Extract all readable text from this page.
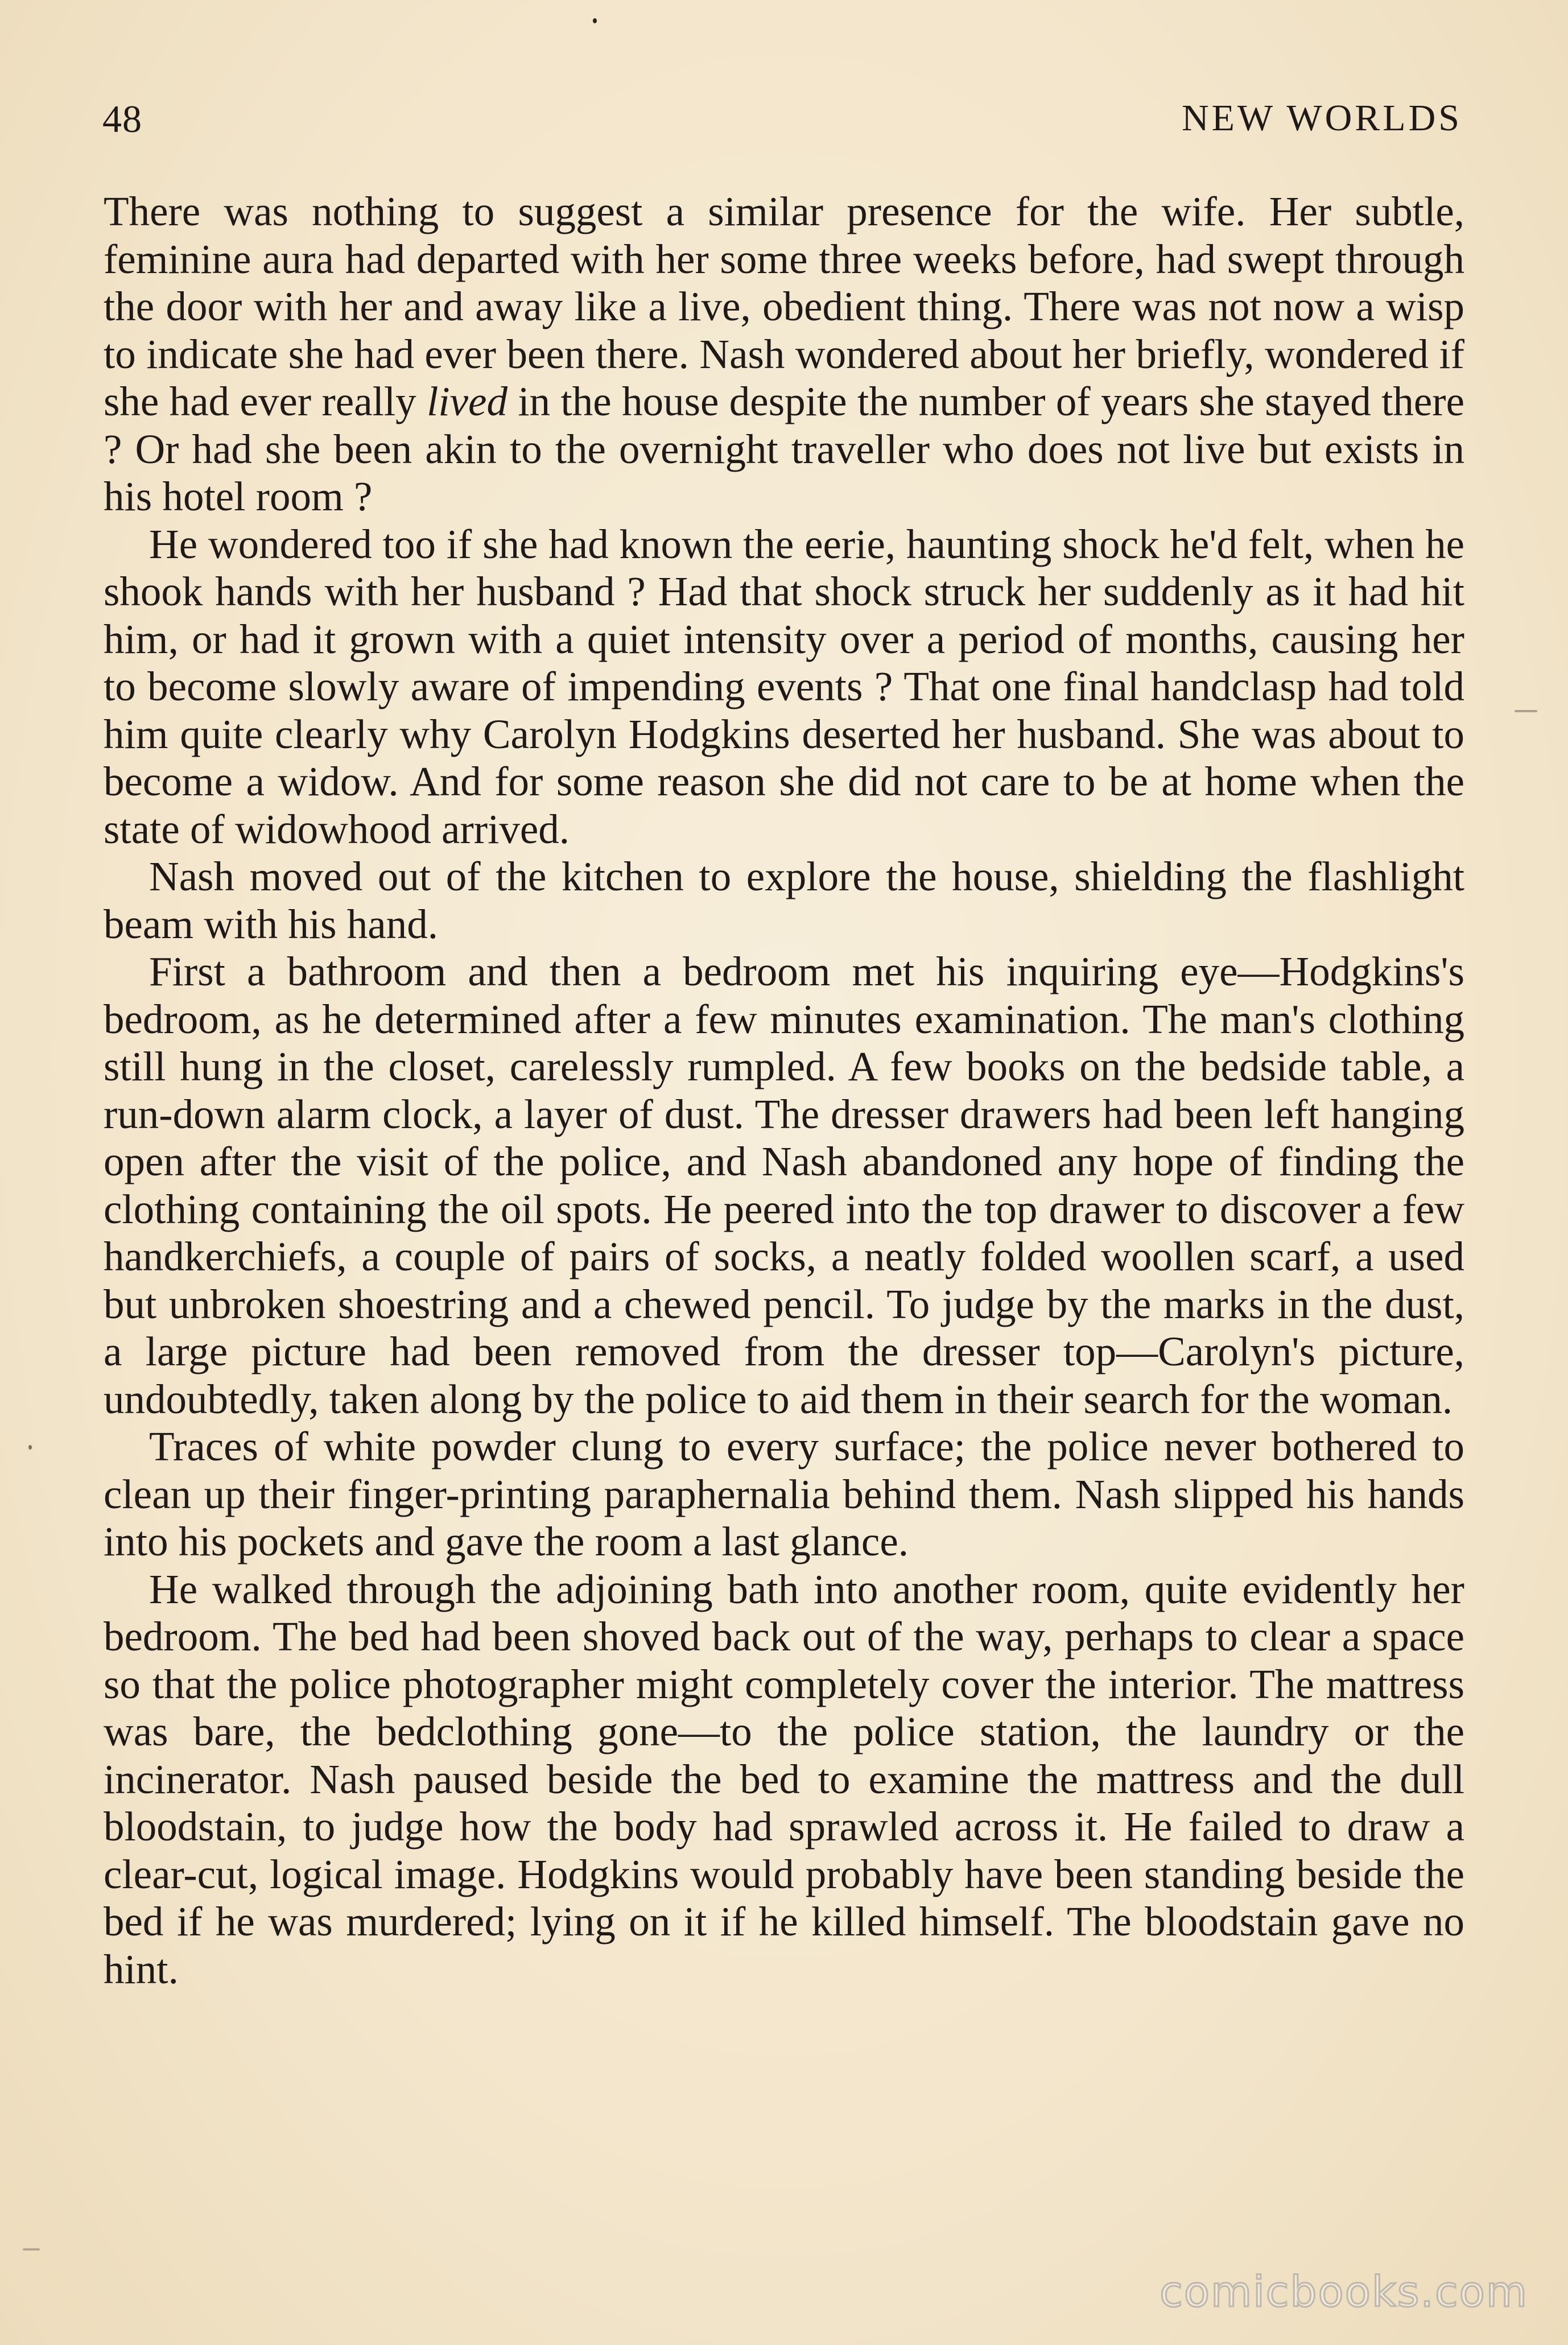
48	NEW WORLDS

There was nothing to suggest a similar presence for the wife. Her subtle, feminine aura had departed with her some three weeks before, had swept through the door with her and away like a live, obedient thing. There was not now a wisp to indicate she had ever been there. Nash wondered about her briefly, wondered if she had ever really lived in the house despite the number of years she stayed there ? Or had she been akin to the overnight traveller who does not live but exists in his hotel room ?

He wondered too if she had known the eerie, haunting shock he'd felt, when he shook hands with her husband ? Had that shock struck her suddenly as it had hit him, or had it grown with a quiet intensity over a period of months, causing her to become slowly aware of impending events ? That one final handclasp had told him quite clearly why Carolyn Hodgkins deserted her husband. She was about to become a widow. And for some reason she did not care to be at home when the state of widowhood arrived.

Nash moved out of the kitchen to explore the house, shielding the flashlight beam with his hand.

First a bathroom and then a bedroom met his inquiring eye—Hodgkins's bedroom, as he determined after a few minutes examination. The man's clothing still hung in the closet, carelessly rumpled. A few books on the bedside table, a run-down alarm clock, a layer of dust. The dresser drawers had been left hanging open after the visit of the police, and Nash abandoned any hope of finding the clothing containing the oil spots. He peered into the top drawer to discover a few handkerchiefs, a couple of pairs of socks, a neatly folded woollen scarf, a used but unbroken shoestring and a chewed pencil. To judge by the marks in the dust, a large picture had been removed from the dresser top—Carolyn's picture, undoubtedly, taken along by the police to aid them in their search for the woman.

Traces of white powder clung to every surface; the police never bothered to clean up their finger-printing paraphernalia behind them. Nash slipped his hands into his pockets and gave the room a last glance.

He walked through the adjoining bath into another room, quite evidently her bedroom. The bed had been shoved back out of the way, perhaps to clear a space so that the police photographer might completely cover the interior. The mattress was bare, the bedclothing gone—to the police station, the laundry or the incinerator. Nash paused beside the bed to examine the mattress and the dull bloodstain, to judge how the body had sprawled across it. He failed to draw a clear-cut, logical image. Hodgkins would probably have been standing beside the bed if he was murdered; lying on it if he killed himself. The bloodstain gave no hint.

comicbooks.com
